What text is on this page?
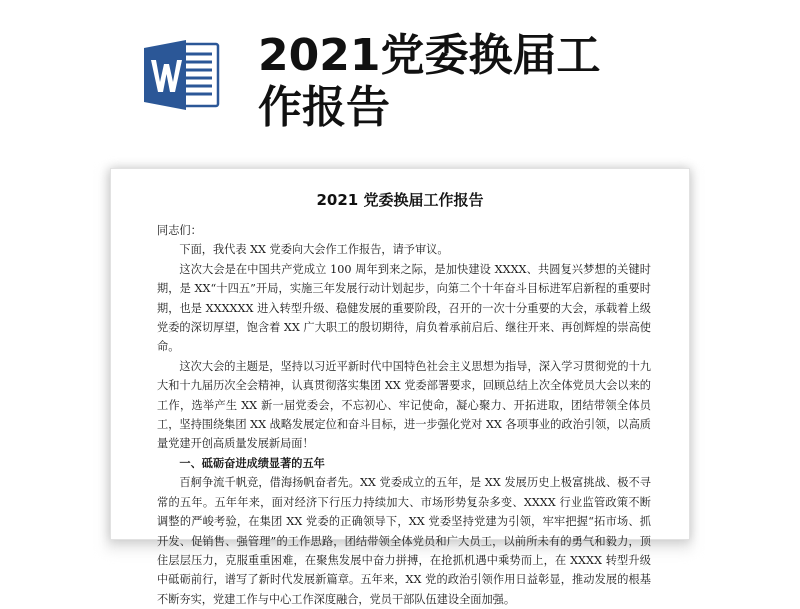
2021党委换届工作报告
2021 党委换届工作报告

同志们：

下面，我代表 XX 党委向大会作工作报告，请予审议。

这次大会是在中国共产党成立 100 周年到来之际，是加快建设 XXXX、共圆复兴梦想的关键时期，是 XX“十四五”开局，实施三年发展行动计划起步，向第二个十年奋斗目标进军启新程的重要时期，也是 XXXXXX 进入转型升级、稳健发展的重要阶段，召开的一次十分重要的大会，承载着上级党委的深切厚望，饱含着 XX 广大职工的殷切期待，肩负着承前启后、继往开来、再创辉煌的崇高使命。

这次大会的主题是，坚持以习近平新时代中国特色社会主义思想为指导，深入学习贯彻党的十九大和十九届历次全会精神，认真贯彻落实集团 XX 党委部署要求，回顾总结上次全体党员大会以来的工作，选举产生 XX 新一届党委会，不忘初心、牢记使命，凝心聚力、开拓进取，团结带领全体员工，坚持围绕集团 XX 战略发展定位和奋斗目标，进一步强化党对 XX 各项事业的政治引领，以高质量党建开创高质量发展新局面！

一、砥砺奋进成绩显著的五年

百舸争流千帆竞，借海扬帆奋者先。XX 党委成立的五年，是 XX 发展历史上极富挑战、极不寻常的五年。五年年来，面对经济下行压力持续加大、市场形势复杂多变、XXXX 行业监管政策不断调整的严峻考验，在集团 XX 党委的正确领导下，XX 党委坚持党建为引领，牢牢把握“拓市场、抓开发、促销售、强管理”的工作思路，团结带领全体党员和广大员工，以前所未有的勇气和毅力，顶住层层压力，克服重重困难，在聚焦发展中奋力拼搏，在抢抓机遇中乘势而上，在 XXXX 转型升级中砥砺前行，谱写了新时代发展新篇章。五年来，XX 党的政治引领作用日益彰显，推动发展的根基不断夯实，党建工作与中心工作深度融合，党员干部队伍建设全面加强。
